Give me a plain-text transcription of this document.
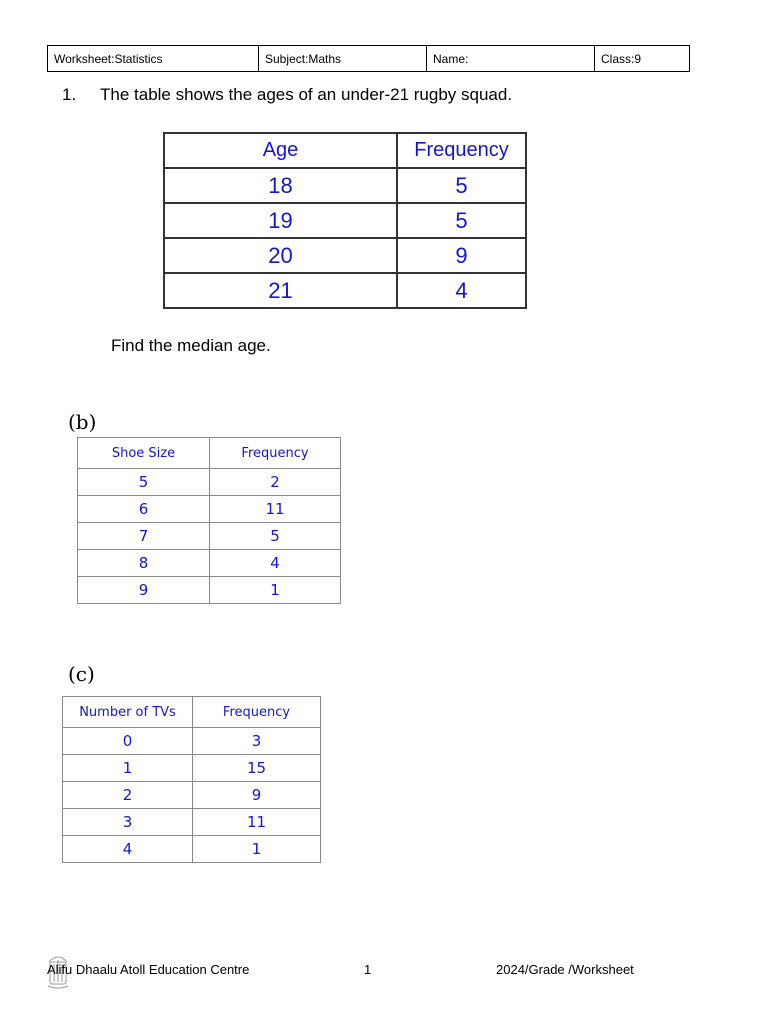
Worksheet:Statistics	Subject:Maths	Name:	Class:9
1. The table shows the ages of an under-21 rugby squad.
Age	Frequency
18	5
19	5
20	9
21	4
Find the median age.
(b)
Shoe Size	Frequency
5	2
6	11
7	5
8	4
9	1
(c)
Number of TVs	Frequency
0	3
1	15
2	9
3	11
4	1
Alifu Dhaalu Atoll Education Centre	1	2024/Grade /Worksheet
